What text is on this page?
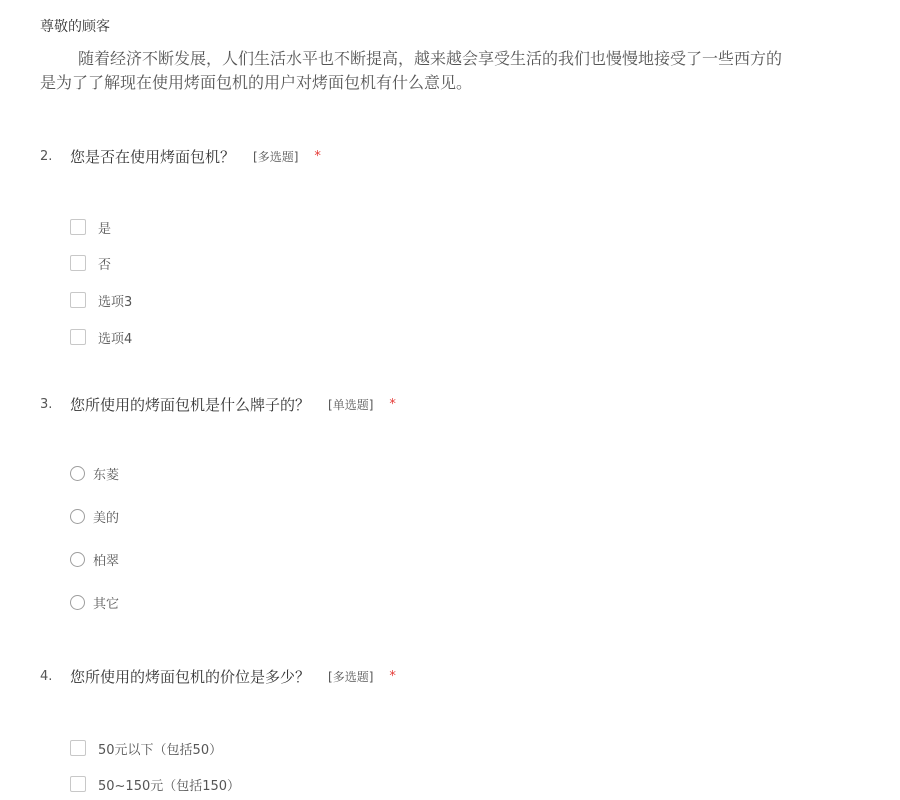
尊敬的顾客
随着经济不断发展，人们生活水平也不断提高，越来越会享受生活的我们也慢慢地接受了一些西方的
是为了了解现在使用烤面包机的用户对烤面包机有什么意见。
2.	您是否在使用烤面包机？ [多选题] *
是
否
选项3
选项4
3.	您所使用的烤面包机是什么牌子的？ [单选题] *
东菱
美的
柏翠
其它
4.	您所使用的烤面包机的价位是多少？ [多选题] *
50元以下（包括50）
50~150元（包括150）
